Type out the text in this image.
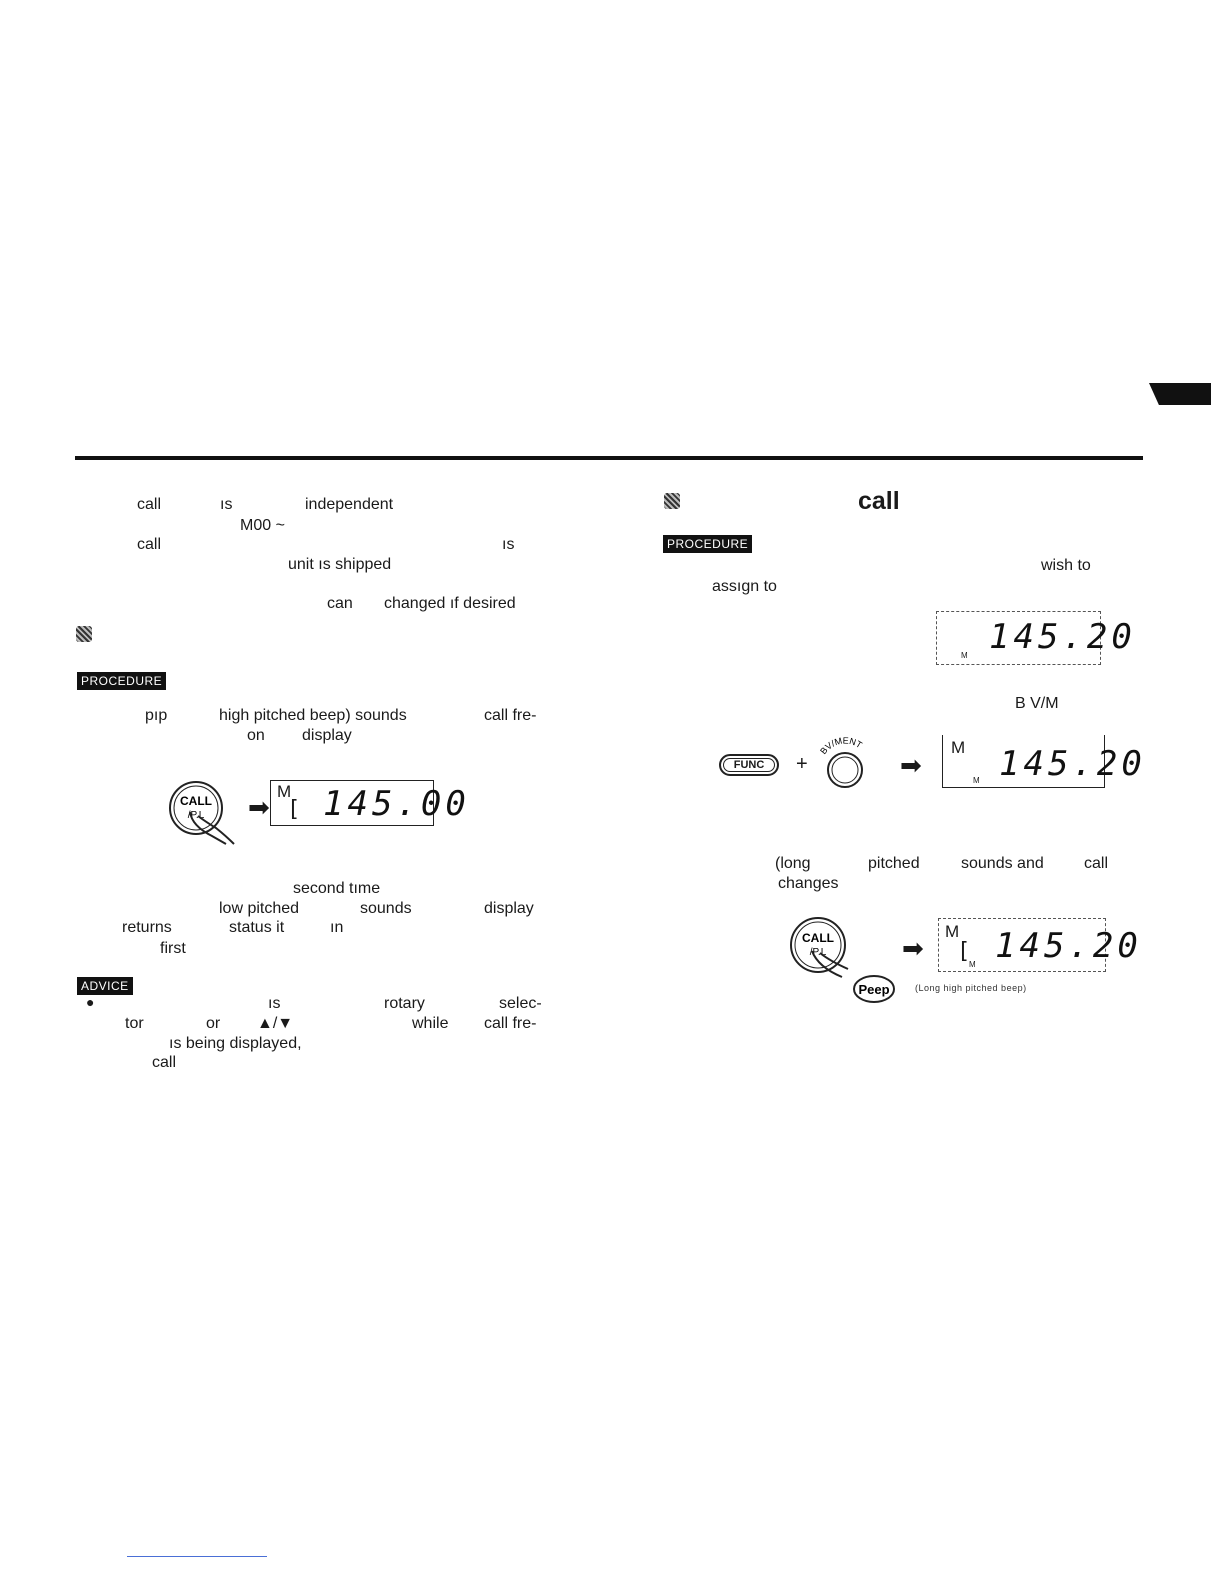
call	ıs	independent
M00 ~
call	ıs
unit ıs shipped
can changed ıf desired
PROCEDURE
pıp	high pitched beep) sounds	call fre-
on display
CALL
/P.L ➡
M
[ 145.00
second tıme
low pitched	sounds	display
returns	status it	ın
first
ADVICE
●	ıs	rotary	selec-
tor	or ▲/▼	while call fre-
ıs being displayed,
call
call
PROCEDURE
wish to
assıgn to
M 145.20
B V/M
FUNC	+
BV/MENT
➡
M
M 145.20
(long	pitched	sounds and	call
changes
CALL
/P.L
Peep
➡
M
[
M 145.20
(Long high pitched beep)
